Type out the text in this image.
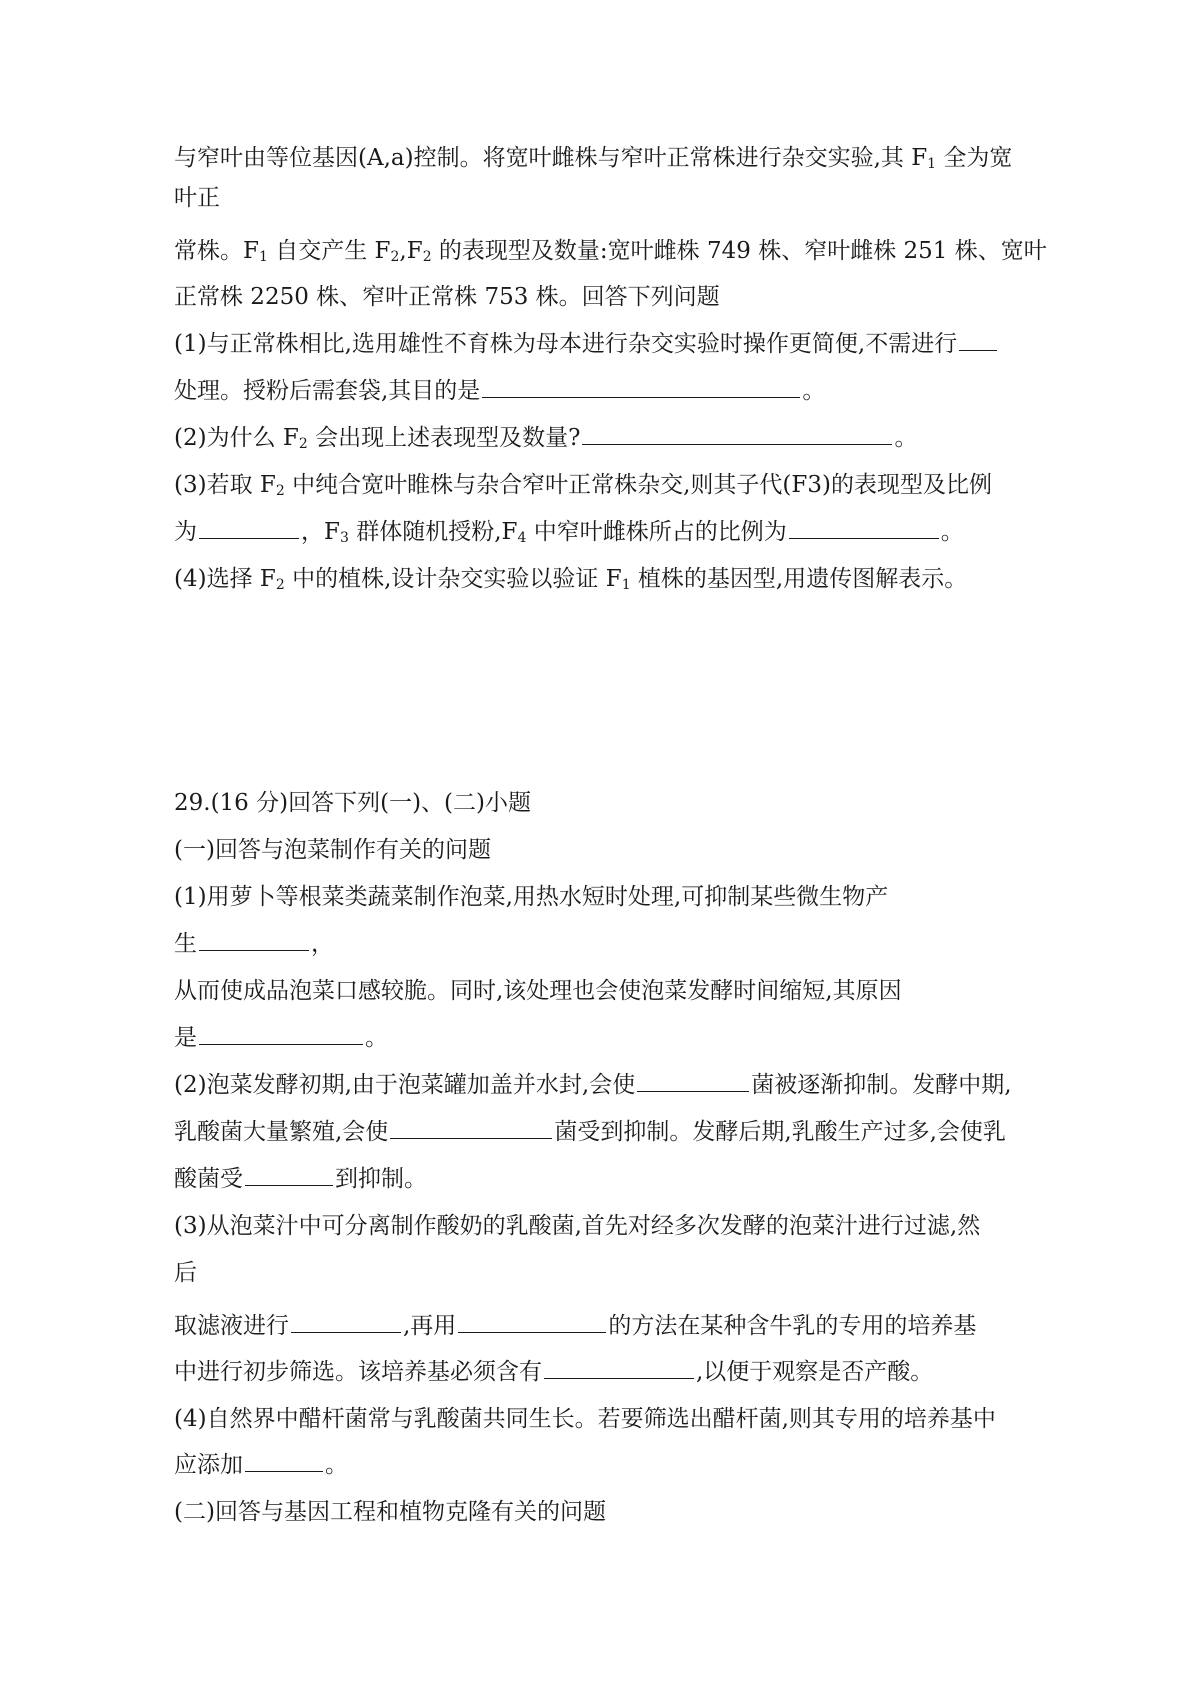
与窄叶由等位基因(A,a)控制。将宽叶雌株与窄叶正常株进行杂交实验,其 $F_1$ 全为宽
叶正
常株。$F_1$ 自交产生 $F_2,F_2$ 的表现型及数量:宽叶雌株 749 株、窄叶雌株 251 株、宽叶
正常株 2250 株、窄叶正常株 753 株。回答下列问题
(1)与正常株相比,选用雄性不育株为母本进行杂交实验时操作更简便,不需进行
处理。授粉后需套袋,其目的是	。
(2)为什么 $F_2$ 会出现上述表现型及数量?	。
(3)若取 $F_2$ 中纯合宽叶睢株与杂合窄叶正常株杂交,则其子代(F3)的表现型及比例
为	，$F_3$ 群体随机授粉$,F_4$ 中窄叶雌株所占的比例为	。
(4)选择 $F_2$ 中的植株,设计杂交实验以验证 $F_1$ 植株的基因型,用遗传图解表示。
29.(16 分)回答下列(一)、(二)小题
(一)回答与泡菜制作有关的问题
(1)用萝卜等根菜类蔬菜制作泡菜,用热水短时处理,可抑制某些微生物产
生	，
从而使成品泡菜口感较脆。同时,该处理也会使泡菜发酵时间缩短,其原因
是	。
(2)泡菜发酵初期,由于泡菜罐加盖并水封,会使	菌被逐渐抑制。发酵中期,
乳酸菌大量繁殖,会使	菌受到抑制。发酵后期,乳酸生产过多,会使乳
酸菌受	到抑制。
(3)从泡菜汁中可分离制作酸奶的乳酸菌,首先对经多次发酵的泡菜汁进行过滤,然
后
取滤液进行	,再用	的方法在某种含牛乳的专用的培养基
中进行初步筛选。该培养基必须含有	,以便于观察是否产酸。
(4)自然界中醋杆菌常与乳酸菌共同生长。若要筛选出醋杆菌,则其专用的培养基中
应添加	。
(二)回答与基因工程和植物克隆有关的问题
